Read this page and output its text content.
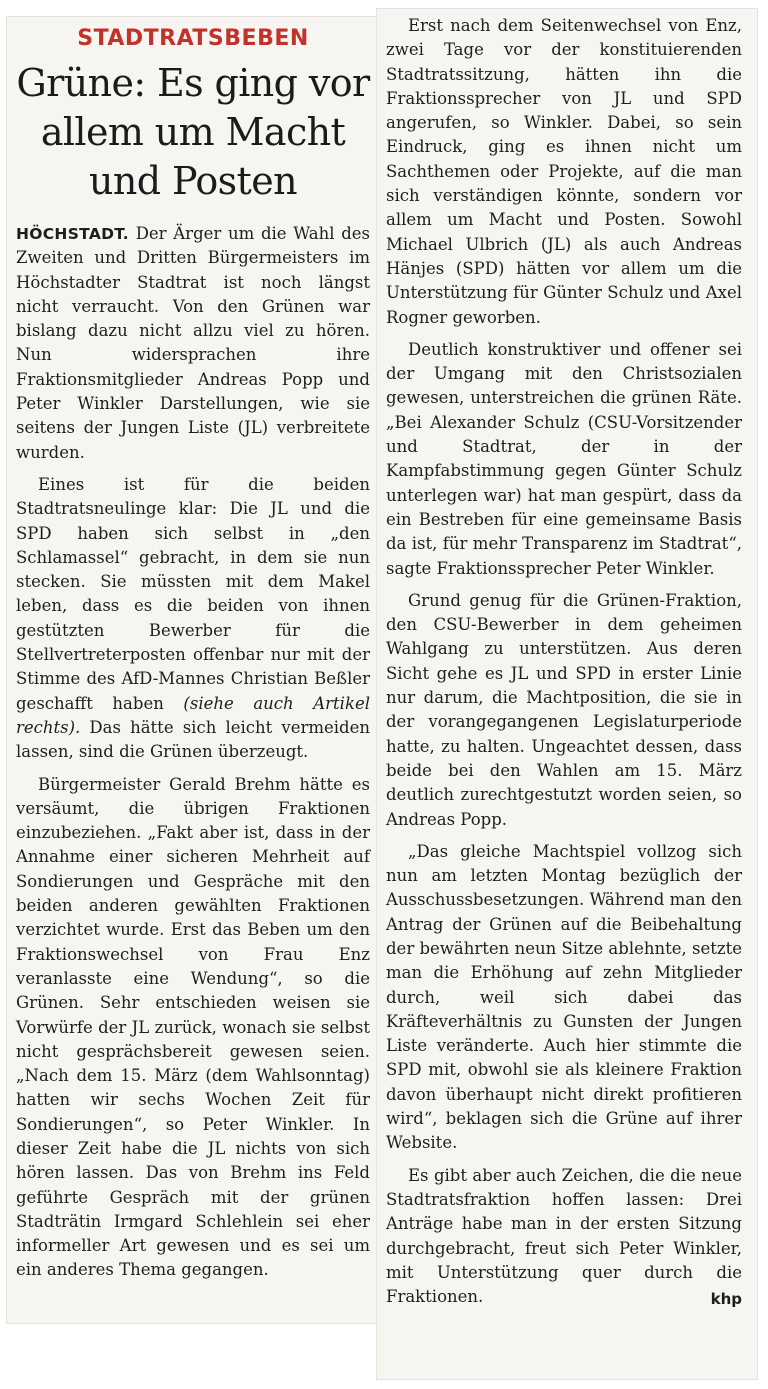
STADTRATSBEBEN
Grüne: Es ging vor allem um Macht und Posten

HÖCHSTADT. Der Ärger um die Wahl des Zweiten und Dritten Bürgermeisters im Höchstadter Stadtrat ist noch längst nicht verraucht. Von den Grünen war bislang dazu nicht allzu viel zu hören. Nun widersprachen ihre Fraktionsmitglieder Andreas Popp und Peter Winkler Darstellungen, wie sie seitens der Jungen Liste (JL) verbreitete wurden.

Eines ist für die beiden Stadtratsneulinge klar: Die JL und die SPD haben sich selbst in „den Schlamassel“ gebracht, in dem sie nun stecken. Sie müssten mit dem Makel leben, dass es die beiden von ihnen gestützten Bewerber für die Stellvertreterposten offenbar nur mit der Stimme des AfD-Mannes Christian Beßler geschafft haben (siehe auch Artikel rechts). Das hätte sich leicht vermeiden lassen, sind die Grünen überzeugt.

Bürgermeister Gerald Brehm hätte es versäumt, die übrigen Fraktionen einzubeziehen. „Fakt aber ist, dass in der Annahme einer sicheren Mehrheit auf Sondierungen und Gespräche mit den beiden anderen gewählten Fraktionen verzichtet wurde. Erst das Beben um den Fraktionswechsel von Frau Enz veranlasste eine Wendung“, so die Grünen. Sehr entschieden weisen sie Vorwürfe der JL zurück, wonach sie selbst nicht gesprächsbereit gewesen seien. „Nach dem 15. März (dem Wahlsonntag) hatten wir sechs Wochen Zeit für Sondierungen“, so Peter Winkler. In dieser Zeit habe die JL nichts von sich hören lassen. Das von Brehm ins Feld geführte Gespräch mit der grünen Stadträtin Irmgard Schlehlein sei eher informeller Art gewesen und es sei um ein anderes Thema gegangen.

Erst nach dem Seitenwechsel von Enz, zwei Tage vor der konstituierenden Stadtratssitzung, hätten ihn die Fraktionssprecher von JL und SPD angerufen, so Winkler. Dabei, so sein Eindruck, ging es ihnen nicht um Sachthemen oder Projekte, auf die man sich verständigen könnte, sondern vor allem um Macht und Posten. Sowohl Michael Ulbrich (JL) als auch Andreas Hänjes (SPD) hätten vor allem um die Unterstützung für Günter Schulz und Axel Rogner geworben.

Deutlich konstruktiver und offener sei der Umgang mit den Christsozialen gewesen, unterstreichen die grünen Räte. „Bei Alexander Schulz (CSU-Vorsitzender und Stadtrat, der in der Kampfabstimmung gegen Günter Schulz unterlegen war) hat man gespürt, dass da ein Bestreben für eine gemeinsame Basis da ist, für mehr Transparenz im Stadtrat“, sagte Fraktionssprecher Peter Winkler.

Grund genug für die Grünen-Fraktion, den CSU-Bewerber in dem geheimen Wahlgang zu unterstützen. Aus deren Sicht gehe es JL und SPD in erster Linie nur darum, die Machtposition, die sie in der vorangegangenen Legislaturperiode hatte, zu halten. Ungeachtet dessen, dass beide bei den Wahlen am 15. März deutlich zurechtgestutzt worden seien, so Andreas Popp.

„Das gleiche Machtspiel vollzog sich nun am letzten Montag bezüglich der Ausschussbesetzungen. Während man den Antrag der Grünen auf die Beibehaltung der bewährten neun Sitze ablehnte, setzte man die Erhöhung auf zehn Mitglieder durch, weil sich dabei das Kräfteverhältnis zu Gunsten der Jungen Liste veränderte. Auch hier stimmte die SPD mit, obwohl sie als kleinere Fraktion davon überhaupt nicht direkt profitieren wird“, beklagen sich die Grüne auf ihrer Website.

Es gibt aber auch Zeichen, die die neue Stadtratsfraktion hoffen lassen: Drei Anträge habe man in der ersten Sitzung durchgebracht, freut sich Peter Winkler, mit Unterstützung quer durch die Fraktionen.	khp
